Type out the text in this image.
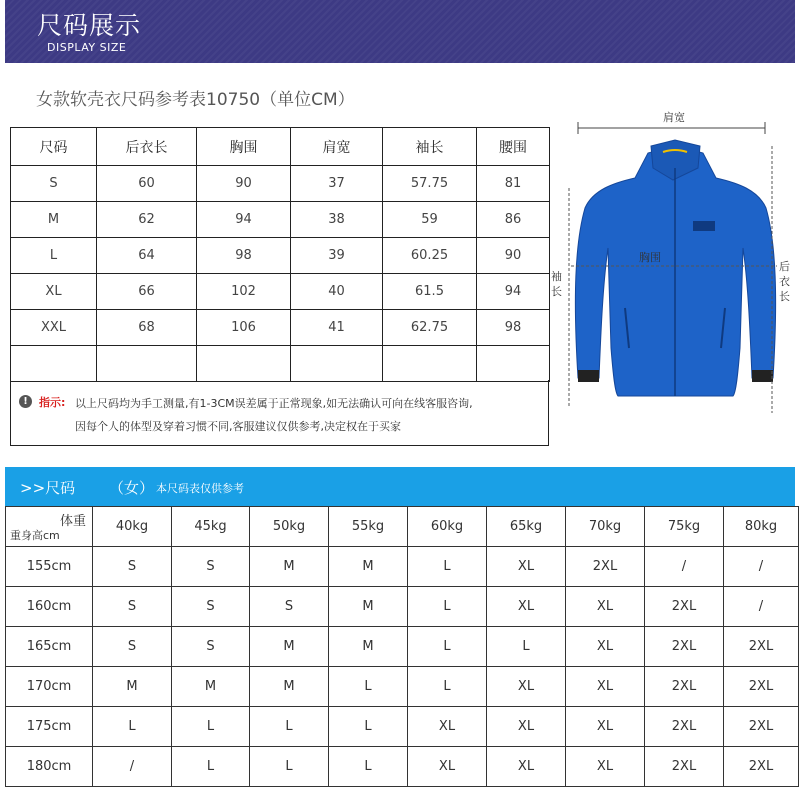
尺码展示
DISPLAY SIZE
女款软壳衣尺码参考表10750（单位CM）
尺码	后衣长	胸围	肩宽	袖长	腰围
S	60	90	37	57.75	81
M	62	94	38	59	86
L	64	98	39	60.25	90
XL	66	102	40	61.5	94
XXL	68	106	41	62.75	98

!	指示: 以上尺码均为手工测量,有1-3CM误差属于正常现象,如无法确认可向在线客服咨询,
因每个人的体型及穿着习惯不同,客服建议仅供参考,决定权在于买家
肩宽
胸围
袖
长
后
衣
长
>>尺码 （女） 本尺码表仅供参考
体重
重身高cm	40kg	45kg	50kg	55kg	60kg	65kg	70kg	75kg	80kg
155cm	S	S	M	M	L	XL	2XL	/	/
160cm	S	S	S	M	L	XL	XL	2XL	/
165cm	S	S	M	M	L	L	XL	2XL	2XL
170cm	M	M	M	L	L	XL	XL	2XL	2XL
175cm	L	L	L	L	XL	XL	XL	2XL	2XL
180cm	/	L	L	L	XL	XL	XL	2XL	2XL
